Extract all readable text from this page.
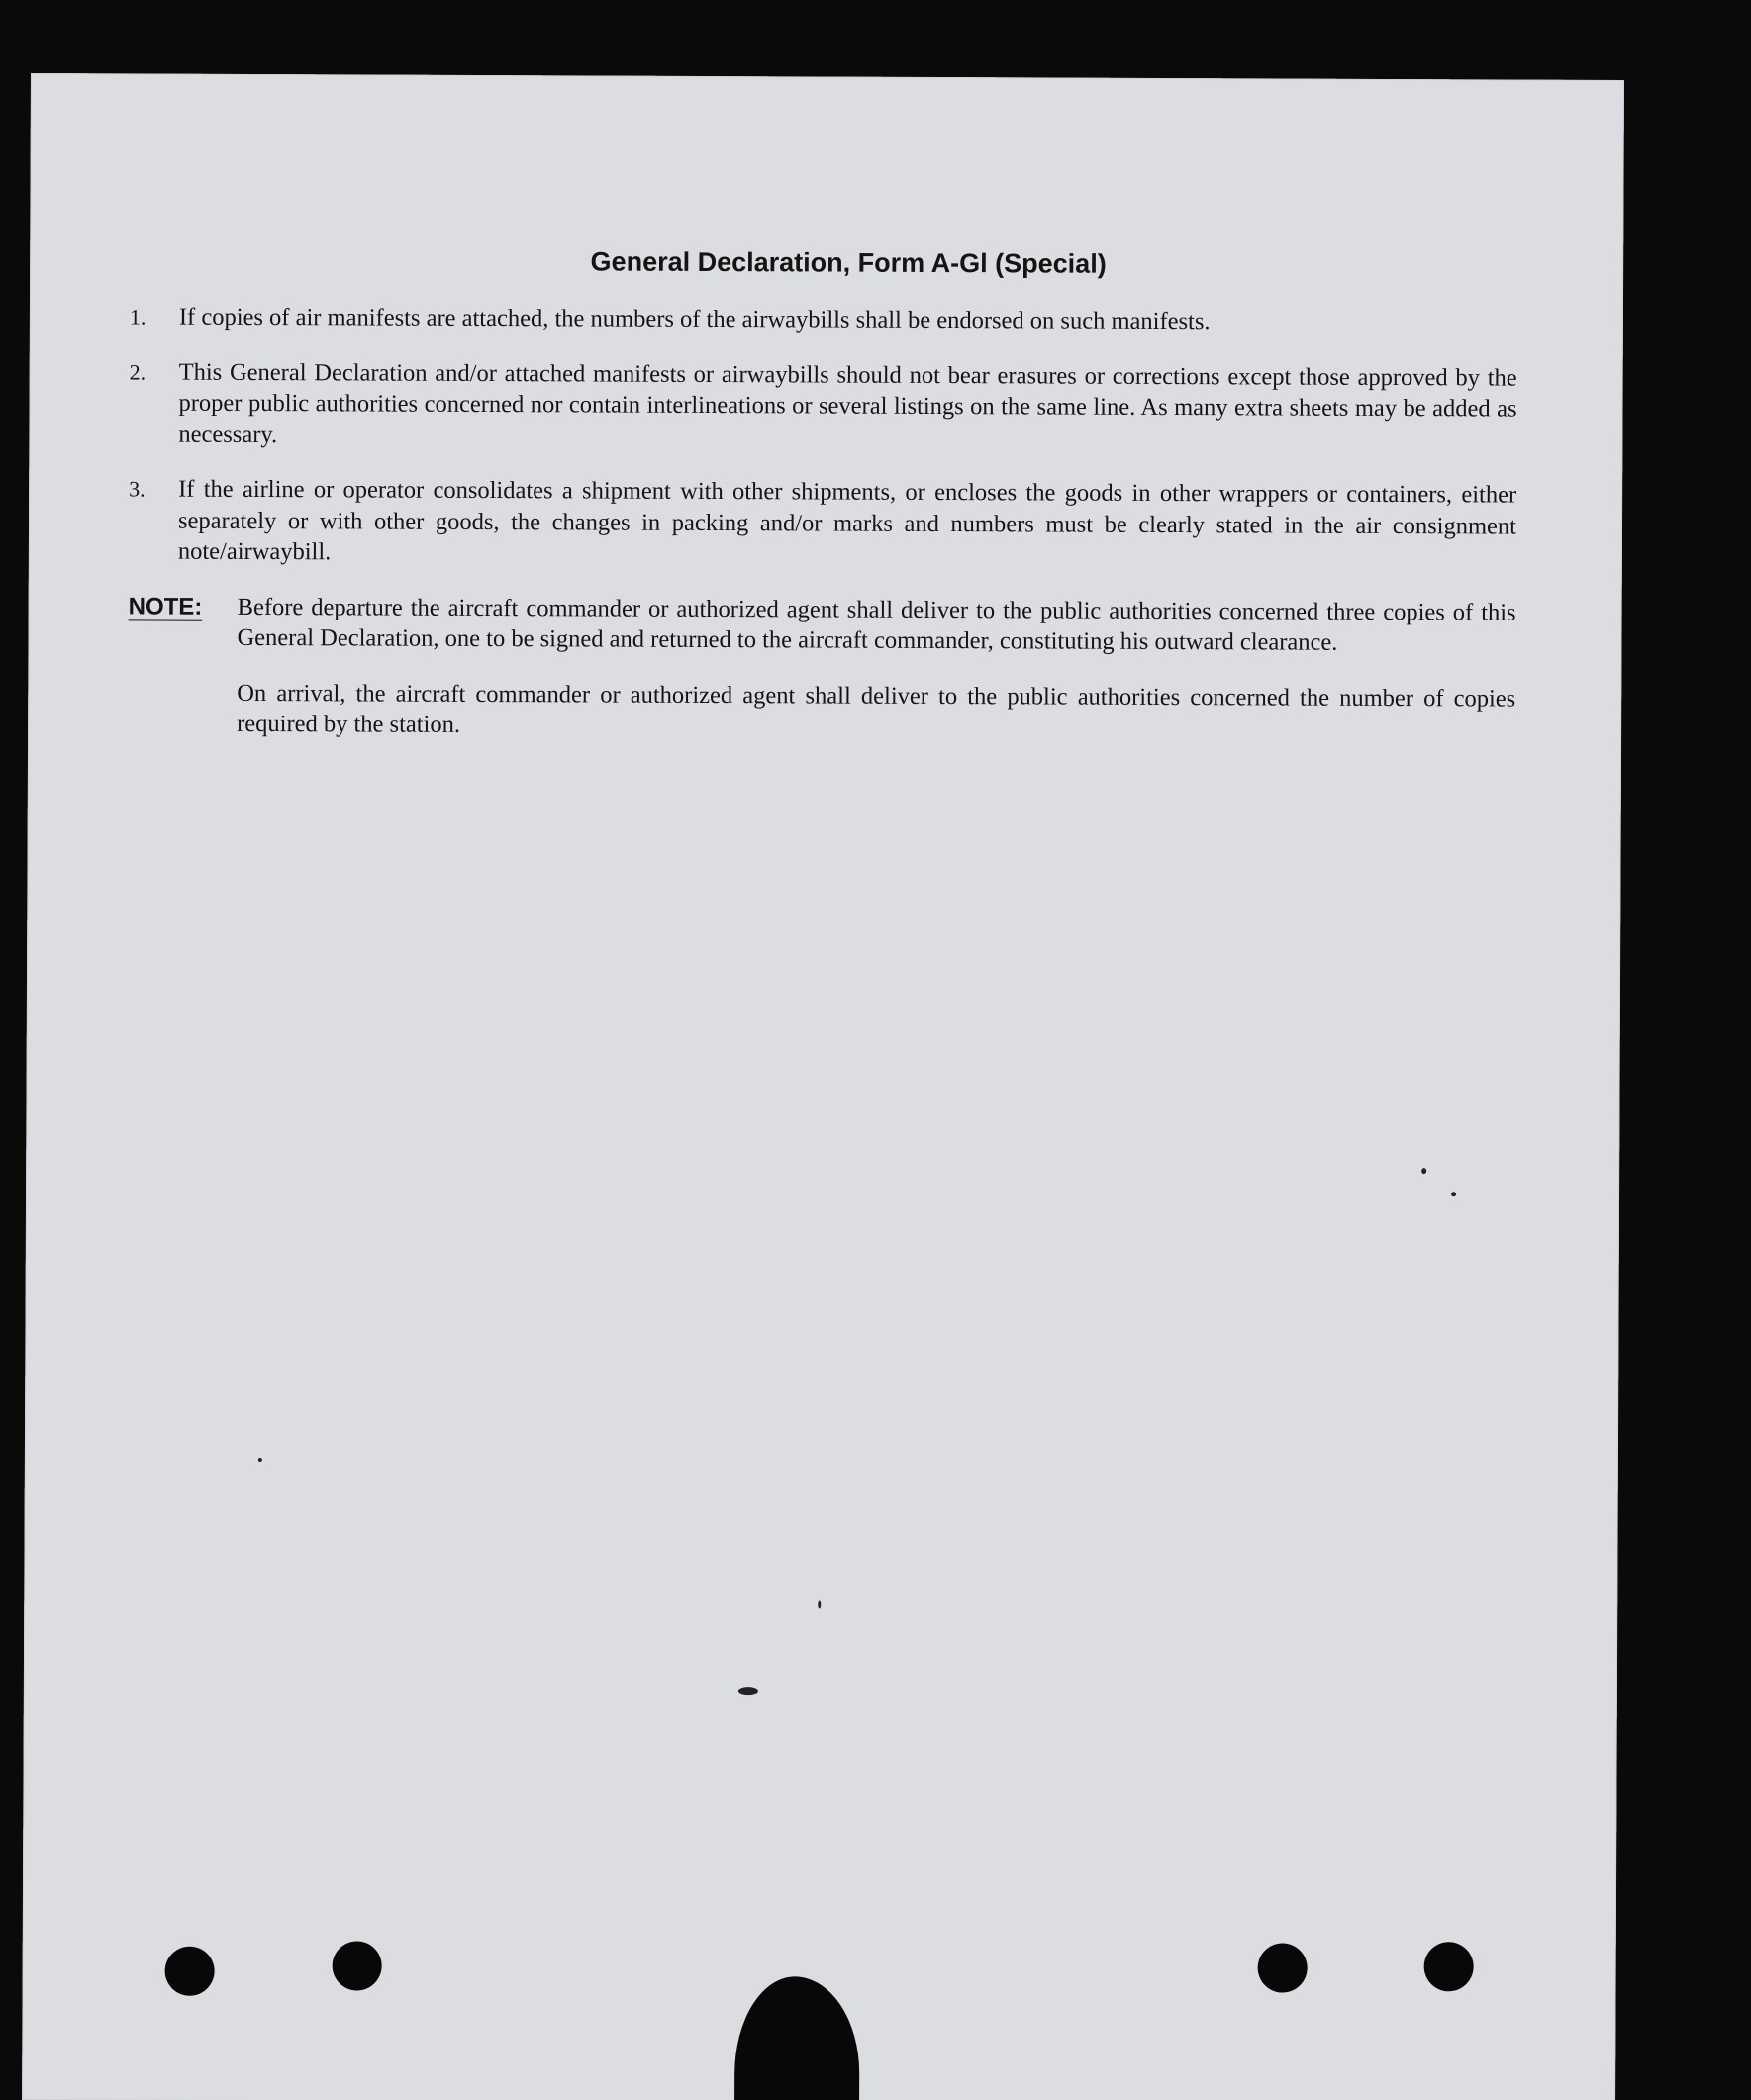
General Declaration, Form A-Gl (Special)
1.	If copies of air manifests are attached, the numbers of the airwaybills shall be endorsed on such manifests.
2.	This General Declaration and/or attached manifests or airwaybills should not bear erasures or corrections except those approved by the proper public authorities concerned nor contain interlineations or several listings on the same line. As many extra sheets may be added as necessary.
3.	If the airline or operator consolidates a shipment with other shipments, or encloses the goods in other wrappers or containers, either separately or with other goods, the changes in packing and/or marks and numbers must be clearly stated in the air consignment note/airwaybill.
NOTE:	Before departure the aircraft commander or authorized agent shall deliver to the public authorities concerned three copies of this General Declaration, one to be signed and returned to the aircraft commander, constituting his outward clearance.
On arrival, the aircraft commander or authorized agent shall deliver to the public authorities concerned the number of copies required by the station.
